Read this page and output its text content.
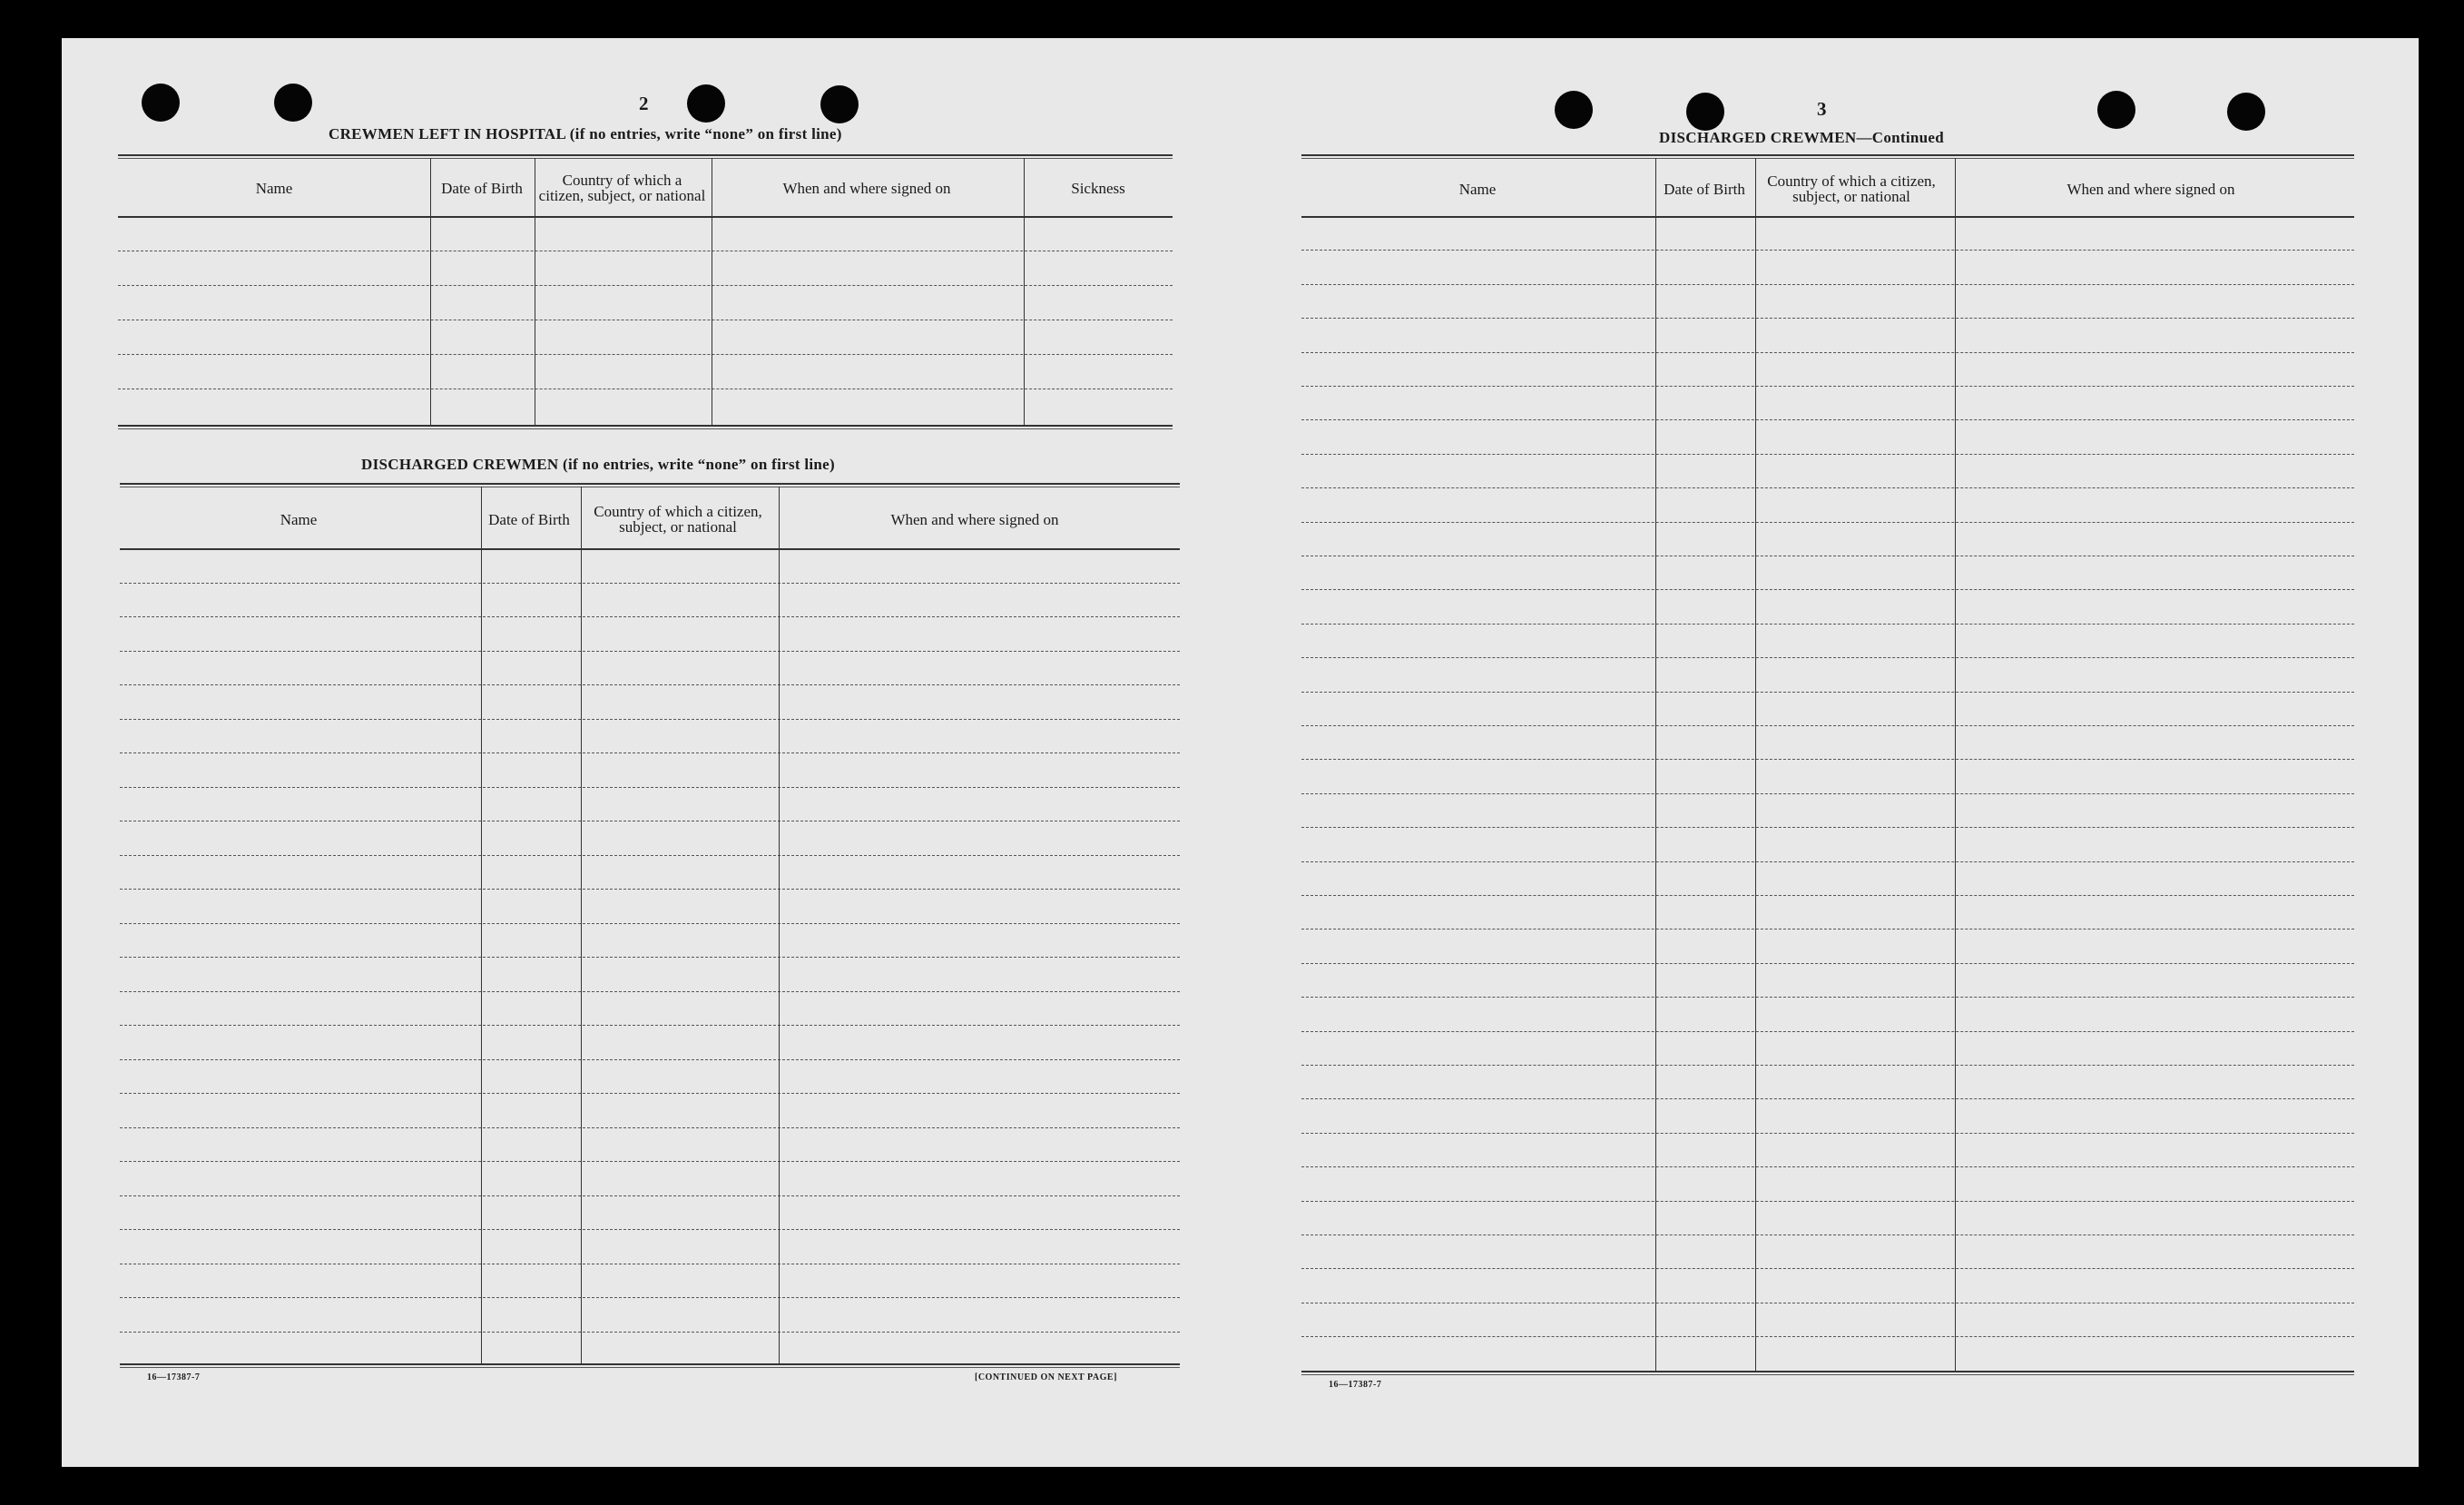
2
CREWMEN LEFT IN HOSPITAL (if no entries, write “none” on first line)
Name	Date of Birth	Country of which a citizen, subject, or national	When and where signed on	Sickness
DISCHARGED CREWMEN (if no entries, write “none” on first line)
Name	Date of Birth	Country of which a citizen, subject, or national	When and where signed on
16—17387-7	[CONTINUED ON NEXT PAGE]
3
DISCHARGED CREWMEN—Continued
Name	Date of Birth	Country of which a citizen, subject, or national	When and where signed on
16—17387-7
